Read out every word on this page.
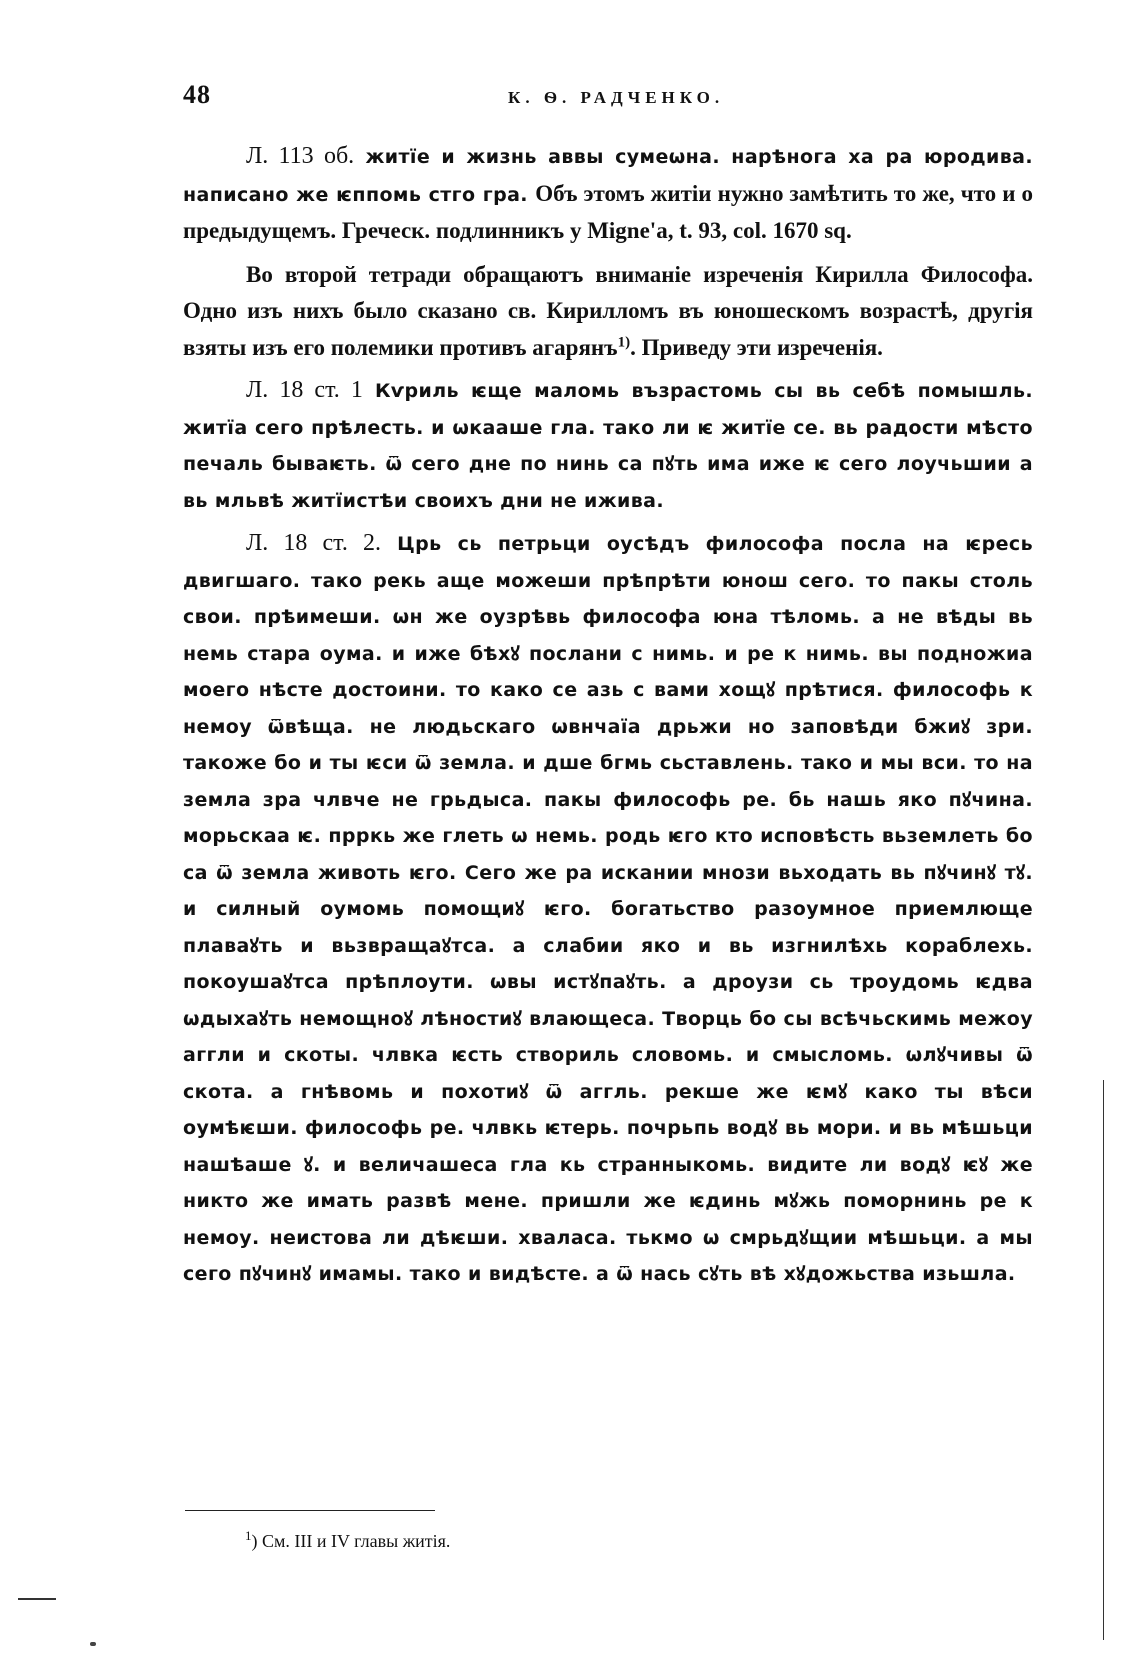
48	К. Ѳ. РАДЧЕНКО.

Л. 113 об. житїе и жизнь аввы сумеѡна. нарѣнога ха ра юродива. написано же ѥппомь стго гра. Объ этомъ житіи нужно замѣтить то же, что и о предыдущемъ. Греческ. подлинникъ у Migne'a, t. 93, col. 1670 sq.

Во второй тетради обращаютъ вниманіе изреченія Кирилла Философа. Одно изъ нихъ было сказано св. Кирилломъ въ юношескомъ возрастѣ, другія взяты изъ его полемики противъ агарянъ$^{1)}$. Приведу эти изреченія.

Л. 18 ст. 1 Кѵриль ѥще маломь възрастомь сы вь себѣ помышль. житїа сего прѣлесть. и ѡкааше гла. тако ли ѥ житїе се. вь радости мѣсто печаль бываѥть. ѿ сего дне по нинь са пꙋть има иже ѥ сего лоучьшии а вь мльвѣ житїистѣи своихъ дни не ижива.

Л. 18 ст. 2. Црь сь петрьци оусѣдъ философа посла на ѥресь двигшаго. тако рекь аще можеши прѣпрѣти юнош сего. то пакы столь свои. прѣимеши. ѡн же оузрѣвь философа юна тѣломь. а не вѣды вь немь стара оума. и иже бѣхꙋ послани с нимь. и ре к нимь. вы подножиа моего нѣсте достоини. то како се азь с вами хощꙋ прѣтися. философь к немоу ѿвѣща. не людьскаго ѡвнчаїа дрьжи но заповѣди бжиꙋ зри. такоже бо и ты ѥси ѿ земла. и дше бгмь сьставлень. тако и мы вси. то на земла зра члвче не грьдыса. пакы философь ре. бь нашь яко пꙋчина. морьскаа ѥ. прркь же глеть ѡ немь. родь ѥго кто исповѣсть вьземлеть бо са ѿ земла животь ѥго. Сего же ра искании мнози вьходать вь пꙋчинꙋ тꙋ. и силный оумомь помощиꙋ ѥго. богатьство разоумное приемлюще плаваꙋть и вьзвращаꙋтса. а слабии яко и вь изгнилѣхь кораблехь. покоушаꙋтса прѣплоути. ѡвы истꙋпаꙋть. а дроузи сь троудомь ѥдва ѡдыхаꙋть немощноꙋ лѣностиꙋ влающеса. Творць бо сы всѣчьскимь межоу аггли и скоты. члвка ѥсть створиль словомь. и смысломь. ѡлꙋчивы ѿ скота. а гнѣвомь и похотиꙋ ѿ аггль. рекше же ѥмꙋ како ты вѣси оумѣѥши. философь ре. члвкь ѥтерь. почрьпь водꙋ вь мори. и вь мѣшьци нашѣаше ꙋ. и величашеса гла кь странныкомь. видите ли водꙋ ѥꙋ же никто же имать развѣ мене. пришли же ѥдинь мꙋжь поморнинь ре к немоу. неистова ли дѣѥши. хваласа. тькмо ѡ смрьдꙋщии мѣшьци. а мы сего пꙋчинꙋ имамы. тако и видѣсте. а ѿ нась сꙋть вѣ хꙋдожьства изьшла.

$^1$) См. III и IV главы житія.
